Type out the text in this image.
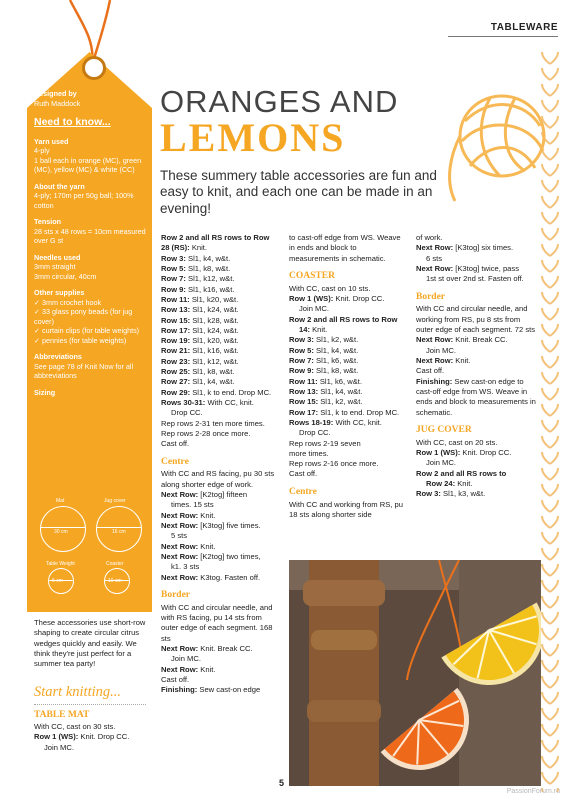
TABLEWARE
Designed by
Ruth Maddock
Need to know...
Yarn used
4-ply
1 ball each in orange (MC), green (MC), yellow (MC) & white (CC)
About the yarn
4-ply; 170m per 50g ball; 100% cotton
Tension
28 sts x 48 rows = 10cm measured over G st
Needles used
3mm straight
3mm circular, 40cm
Other supplies
✓ 3mm crochet hook
✓ 33 glass pony beads (for jug cover)
✓ curtain clips (for table weights)
✓ pennies (for table weights)
Abbreviations
See page 78 of Knit Now for all abbreviations
Sizing
Mat
30 cm
Jug cover
16 cm
Table Weight
6 cm
Coaster
10 cm
These accessories use short-row shaping to create circular citrus wedges quickly and easily. We think they're just perfect for a summer tea party!
Start knitting...
TABLE MAT

With CC, cast on 30 sts.

Row 1 (WS): Knit. Drop CC.

Join MC.

ORANGES AND
LEMONS
These summery table accessories are fun and easy to knit, and each one can be made in an evening!

Row 2 and all RS rows to Row 28 (RS): Knit.

Row 3: Sl1, k4, w&t.

Row 5: Sl1, k8, w&t.

Row 7: Sl1, k12, w&t.

Row 9: Sl1, k16, w&t.

Row 11: Sl1, k20, w&t.

Row 13: Sl1, k24, w&t.

Row 15: Sl1, k28, w&t.

Row 17: Sl1, k24, w&t.

Row 19: Sl1, k20, w&t.

Row 21: Sl1, k16, w&t.

Row 23: Sl1, k12, w&t.

Row 25: Sl1, k8, w&t.

Row 27: Sl1, k4, w&t.

Row 29: Sl1, k to end. Drop MC.

Rows 30-31: With CC, knit.

Drop CC.

Rep rows 2-31 ten more times.

Rep rows 2-28 once more.

Cast off.

Centre

With CC and RS facing, pu 30 sts along shorter edge of work.

Next Row: [K2tog] fifteen

times. 15 sts

Next Row: Knit.

Next Row: [K3tog] five times.

5 sts

Next Row: Knit.

Next Row: [K2tog] two times,

k1. 3 sts

Next Row: K3tog. Fasten off.

Border

With CC and circular needle, and with RS facing, pu 14 sts from outer edge of each segment. 168 sts

Next Row: Knit. Break CC.

Join MC.

Next Row: Knit.

Cast off.

Finishing: Sew cast-on edge

to cast-off edge from WS. Weave in ends and block to measurements in schematic.

COASTER

With CC, cast on 10 sts.

Row 1 (WS): Knit. Drop CC.

Join MC.

Row 2 and all RS rows to Row

14: Knit.

Row 3: Sl1, k2, w&t.

Row 5: Sl1, k4, w&t.

Row 7: Sl1, k6, w&t.

Row 9: Sl1, k8, w&t.

Row 11: Sl1, k6, w&t.

Row 13: Sl1, k4, w&t.

Row 15: Sl1, k2, w&t.

Row 17: Sl1, k to end. Drop MC.

Rows 18-19: With CC, knit.

Drop CC.

Rep rows 2-19 seven

more times.

Rep rows 2-16 once more.

Cast off.

Centre

With CC and working from RS, pu 18 sts along shorter side

of work.

Next Row: [K3tog] six times.

6 sts

Next Row: [K3tog] twice, pass

1st st over 2nd st. Fasten off.

Border

With CC and circular needle, and working from RS, pu 8 sts from outer edge of each segment. 72 sts

Next Row: Knit. Break CC.

Join MC.

Next Row: Knit.

Cast off.

Finishing: Sew cast-on edge to cast-off edge from WS. Weave in ends and block to measurements in schematic.

JUG COVER

With CC, cast on 20 sts.

Row 1 (WS): Knit. Drop CC.

Join MC.

Row 2 and all RS rows to

Row 24: Knit.

Row 3: Sl1, k3, w&t.

5
PassionForum.ru
